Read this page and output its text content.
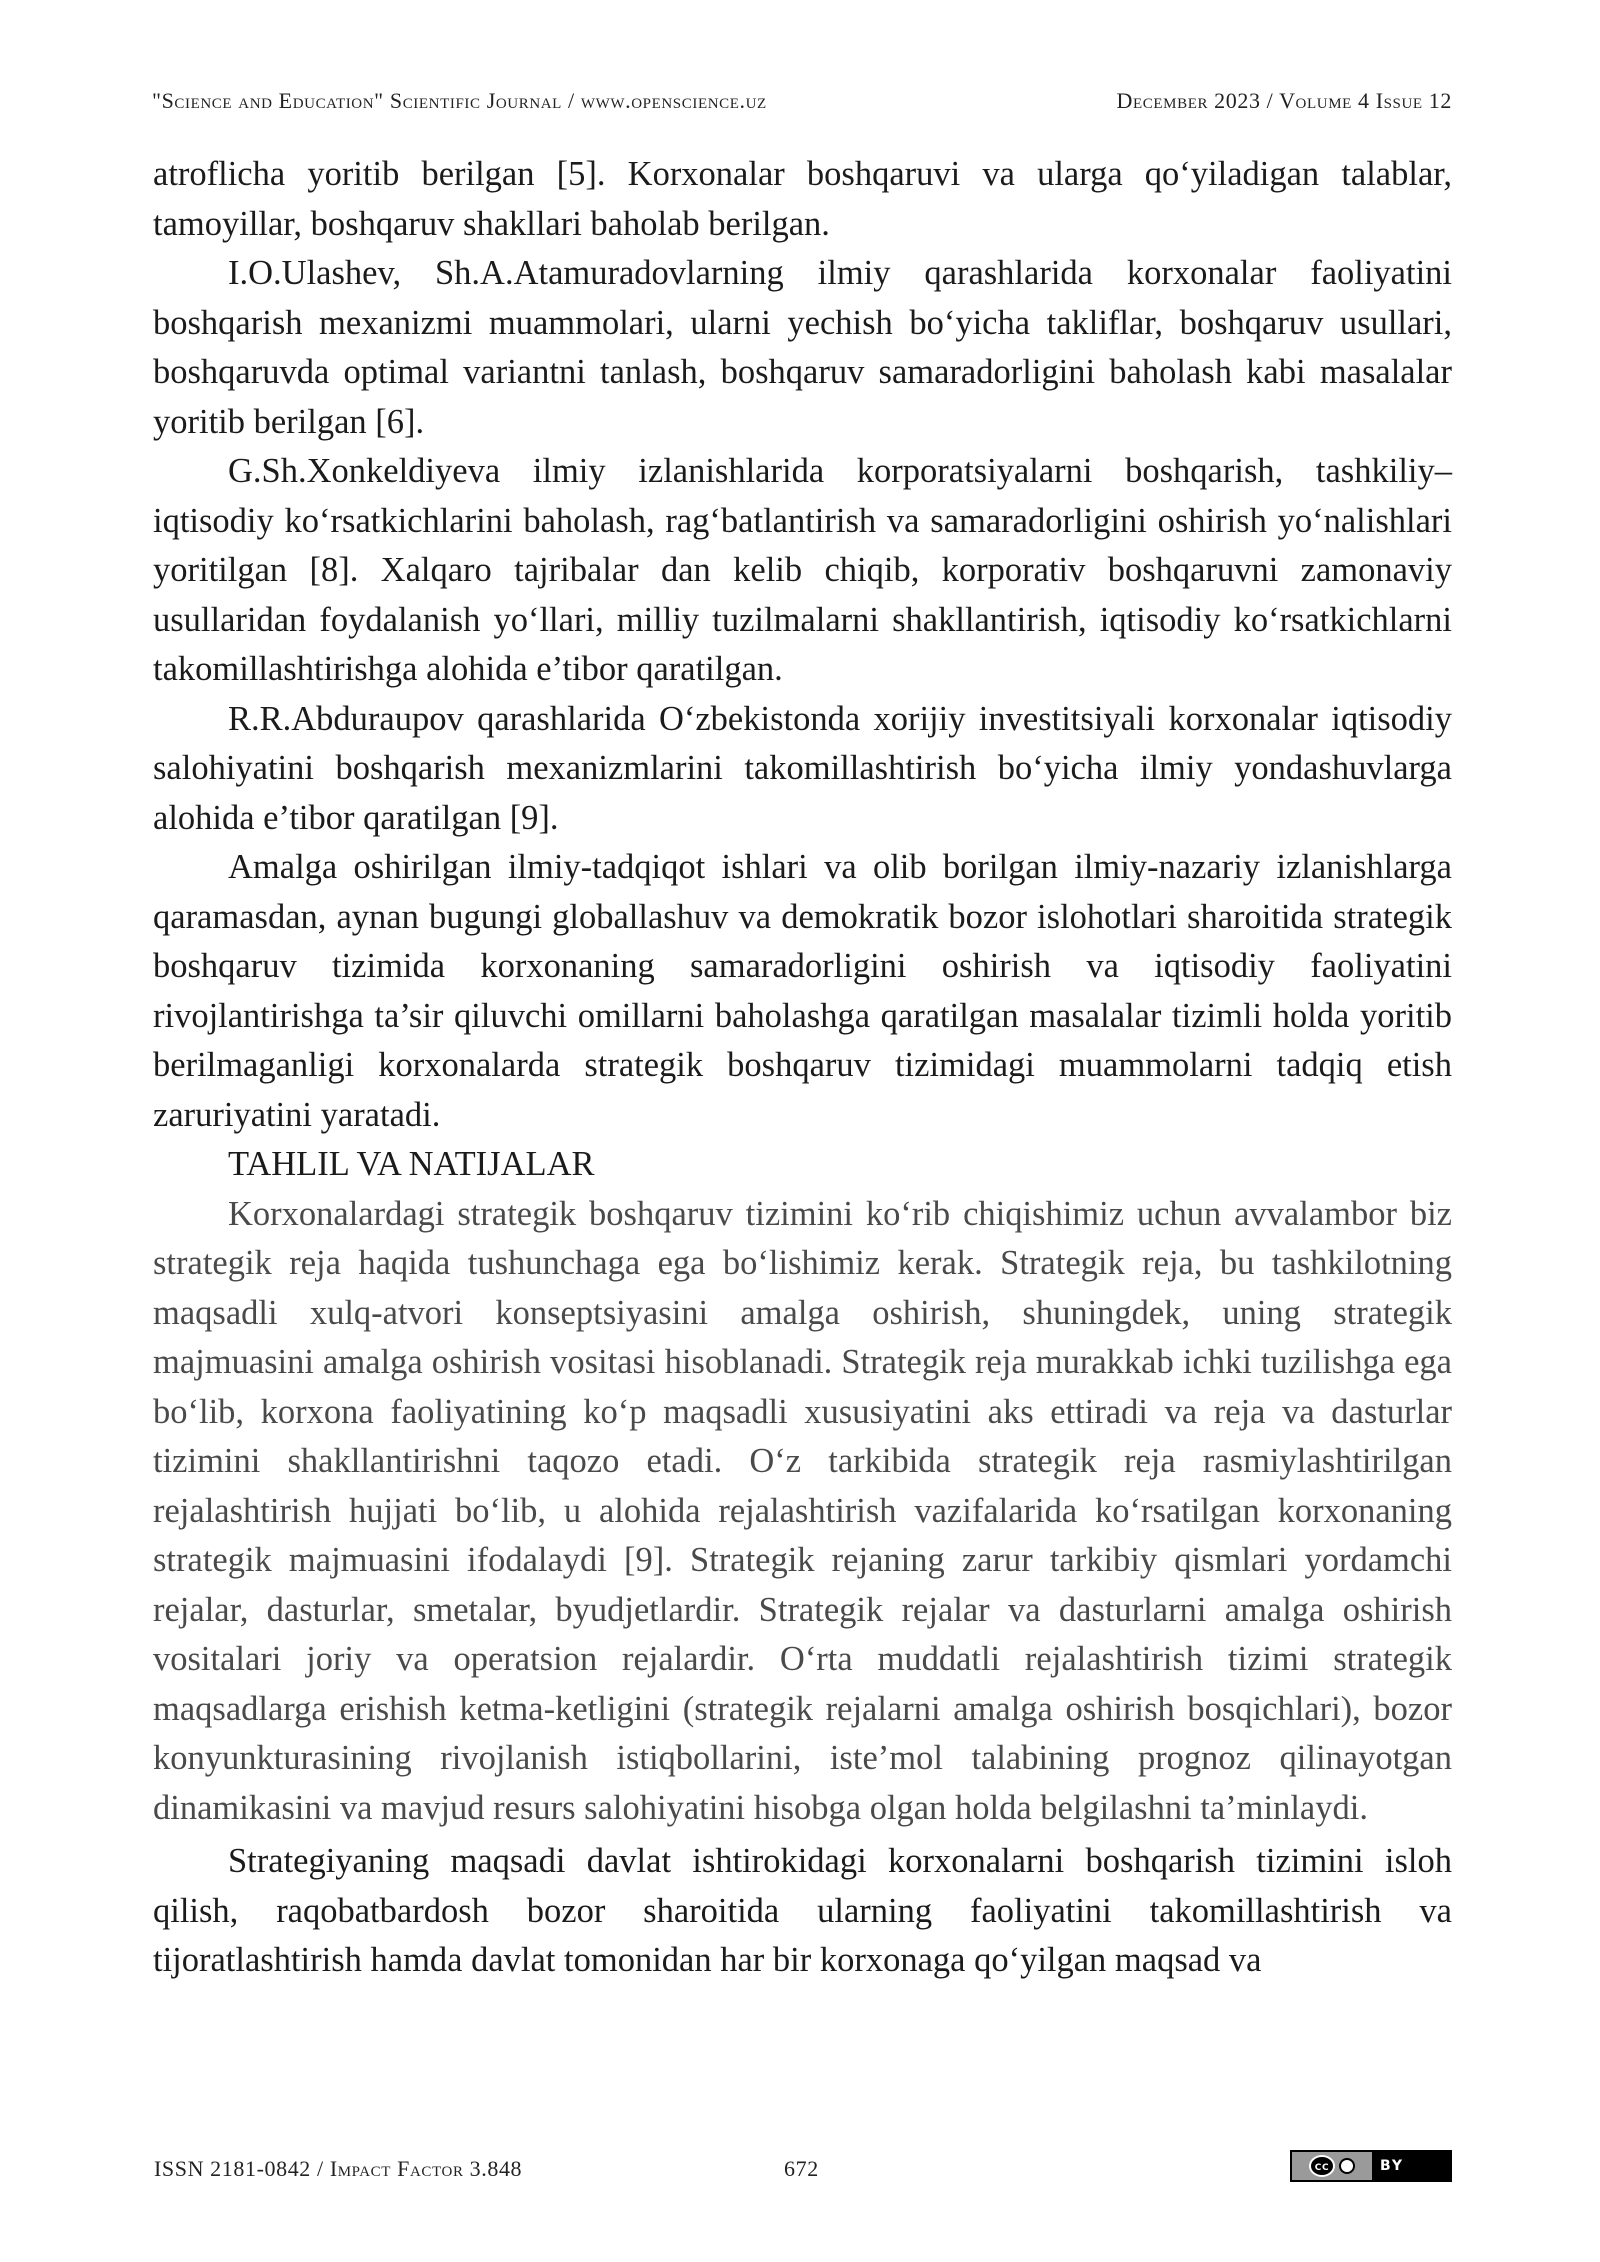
"Science and Education" Scientific Journal / www.openscience.uz	December 2023 / Volume 4 Issue 12

atroflicha yoritib berilgan [5]. Korxonalar boshqaruvi va ularga qo‘yiladigan talablar, tamoyillar, boshqaruv shakllari baholab berilgan.

I.O.Ulashev, Sh.A.Atamuradovlarning ilmiy qarashlarida korxonalar faoliyatini boshqarish mexanizmi muammolari, ularni yechish bo‘yicha takliflar, boshqaruv usullari, boshqaruvda optimal variantni tanlash, boshqaruv samaradorligini baholash kabi masalalar yoritib berilgan [6].

G.Sh.Xonkeldiyeva ilmiy izlanishlarida korporatsiyalarni boshqarish, tashkiliy–iqtisodiy ko‘rsatkichlarini baholash, rag‘batlantirish va samaradorligini oshirish yo‘nalishlari yoritilgan [8]. Xalqaro tajribalar dan kelib chiqib, korporativ boshqaruvni zamonaviy usullaridan foydalanish yo‘llari, milliy tuzilmalarni shakllantirish, iqtisodiy ko‘rsatkichlarni takomillashtirishga alohida e’tibor qaratilgan.

R.R.Abduraupov qarashlarida O‘zbekistonda xorijiy investitsiyali korxonalar iqtisodiy salohiyatini boshqarish mexanizmlarini takomillashtirish bo‘yicha ilmiy yondashuvlarga alohida e’tibor qaratilgan [9].

Amalga oshirilgan ilmiy-tadqiqot ishlari va olib borilgan ilmiy-nazariy izlanishlarga qaramasdan, aynan bugungi globallashuv va demokratik bozor islohotlari sharoitida strategik boshqaruv tizimida korxonaning samaradorligini oshirish va iqtisodiy faoliyatini rivojlantirishga ta’sir qiluvchi omillarni baholashga qaratilgan masalalar tizimli holda yoritib berilmaganligi korxonalarda strategik boshqaruv tizimidagi muammolarni tadqiq etish zaruriyatini yaratadi.

TAHLIL VA NATIJALAR

Korxonalardagi strategik boshqaruv tizimini ko‘rib chiqishimiz uchun avvalambor biz strategik reja haqida tushunchaga ega bo‘lishimiz kerak. Strategik reja, bu tashkilotning maqsadli xulq-atvori konseptsiyasini amalga oshirish, shuningdek, uning strategik majmuasini amalga oshirish vositasi hisoblanadi. Strategik reja murakkab ichki tuzilishga ega bo‘lib, korxona faoliyatining ko‘p maqsadli xususiyatini aks ettiradi va reja va dasturlar tizimini shakllantirishni taqozo etadi. O‘z tarkibida strategik reja rasmiylashtirilgan rejalashtirish hujjati bo‘lib, u alohida rejalashtirish vazifalarida ko‘rsatilgan korxonaning strategik majmuasini ifodalaydi [9]. Strategik rejaning zarur tarkibiy qismlari yordamchi rejalar, dasturlar, smetalar, byudjetlardir. Strategik rejalar va dasturlarni amalga oshirish vositalari joriy va operatsion rejalardir. O‘rta muddatli rejalashtirish tizimi strategik maqsadlarga erishish ketma-ketligini (strategik rejalarni amalga oshirish bosqichlari), bozor konyunkturasining rivojlanish istiqbollarini, iste’mol talabining prognoz qilinayotgan dinamikasini va mavjud resurs salohiyatini hisobga olgan holda belgilashni ta’minlaydi.

Strategiyaning maqsadi davlat ishtirokidagi korxonalarni boshqarish tizimini isloh qilish, raqobatbardosh bozor sharoitida ularning faoliyatini takomillashtirish va tijoratlashtirish hamda davlat tomonidan har bir korxonaga qo‘yilgan maqsad va

ISSN 2181-0842 / Impact Factor 3.848	672	cc	BY
